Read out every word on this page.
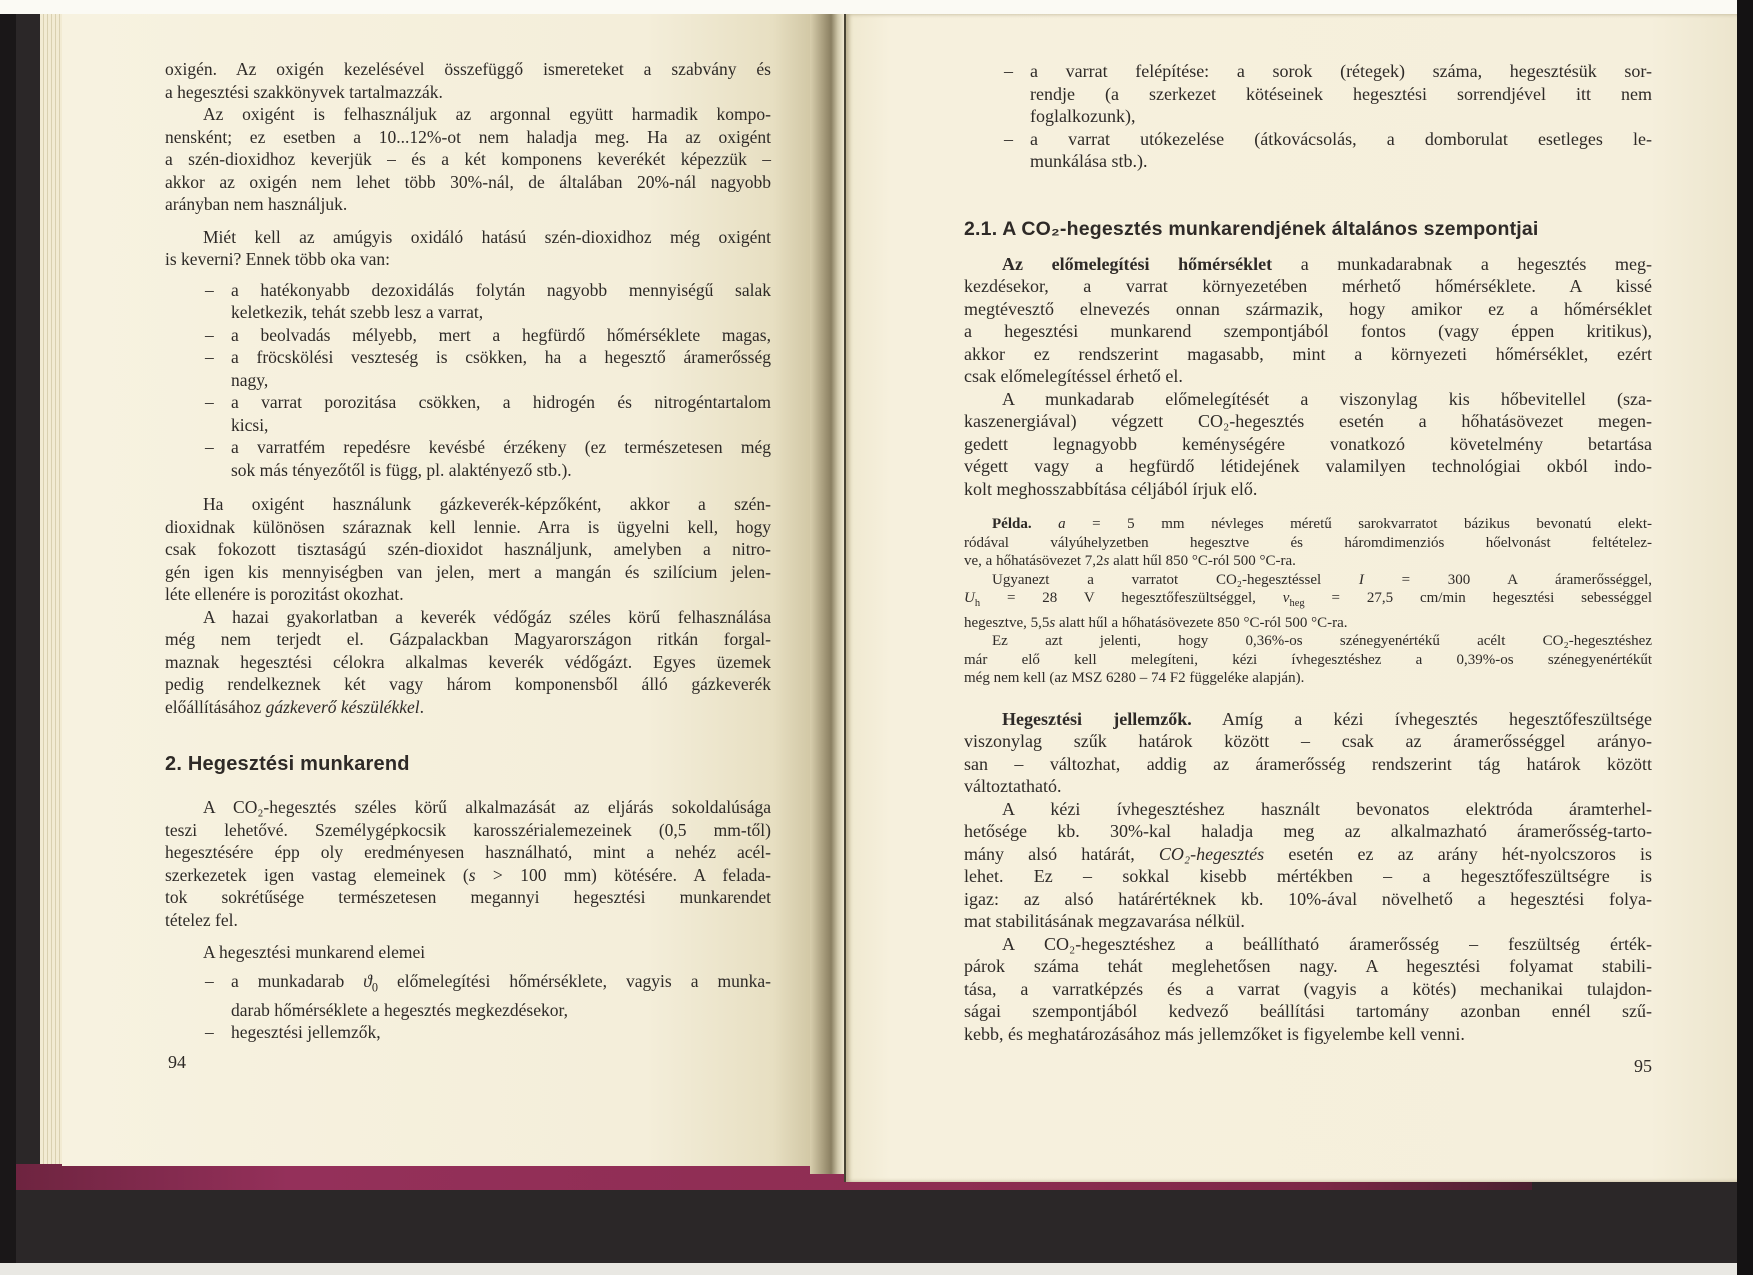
oxigén. Az oxigén kezelésével összefüggő ismereteket a szabvány és
a hegesztési szakkönyvek tartalmazzák.
Az oxigént is felhasználjuk az argonnal együtt harmadik kompo-
nensként; ez esetben a 10...12%-ot nem haladja meg. Ha az oxigént
a szén-dioxidhoz keverjük – és a két komponens keverékét képezzük –
akkor az oxigén nem lehet több 30%-nál, de általában 20%-nál nagyobb
arányban nem használjuk.
Miét kell az amúgyis oxidáló hatású szén-dioxidhoz még oxigént
is keverni? Ennek több oka van:
– a hatékonyabb dezoxidálás folytán nagyobb mennyiségű salak
keletkezik, tehát szebb lesz a varrat,
– a beolvadás mélyebb, mert a hegfürdő hőmérséklete magas,
– a fröcskölési veszteség is csökken, ha a hegesztő áramerősség
nagy,
– a varrat porozitása csökken, a hidrogén és nitrogéntartalom
kicsi,
– a varratfém repedésre kevésbé érzékeny (ez természetesen még
sok más tényezőtől is függ, pl. alaktényező stb.).
Ha oxigént használunk gázkeverék-képzőként, akkor a szén-
dioxidnak különösen száraznak kell lennie. Arra is ügyelni kell, hogy
csak fokozott tisztaságú szén-dioxidot használjunk, amelyben a nitro-
gén igen kis mennyiségben van jelen, mert a mangán és szilícium jelen-
léte ellenére is porozitást okozhat.
A hazai gyakorlatban a keverék védőgáz széles körű felhasználása
még nem terjedt el. Gázpalackban Magyarországon ritkán forgal-
maznak hegesztési célokra alkalmas keverék védőgázt. Egyes üzemek
pedig rendelkeznek két vagy három komponensből álló gázkeverék
előállításához gázkeverő készülékkel.
2. Hegesztési munkarend
A CO₂-hegesztés széles körű alkalmazását az eljárás sokoldalúsága
teszi lehetővé. Személygépkocsik karosszérialemezeinek (0,5 mm-től)
hegesztésére épp oly eredményesen használható, mint a nehéz acél-
szerkezetek igen vastag elemeinek (s > 100 mm) kötésére. A felada-
tok sokrétűsége természetesen megannyi hegesztési munkarendet
tételez fel.
A hegesztési munkarend elemei
– a munkadarab $ϑ_0$ előmelegítési hőmérséklete, vagyis a munka-
darab hőmérséklete a hegesztés megkezdésekor,
– hegesztési jellemzők,
94
– a varrat felépítése: a sorok (rétegek) száma, hegesztésük sor-
rendje (a szerkezet kötéseinek hegesztési sorrendjével itt nem
foglalkozunk),
– a varrat utókezelése (átkovácsolás, a domborulat esetleges le-
munkálása stb.).
2.1. A CO₂-hegesztés munkarendjének általános szempontjai
Az előmelegítési hőmérséklet a munkadarabnak a hegesztés meg-
kezdésekor, a varrat környezetében mérhető hőmérséklete. A kissé
megtévesztő elnevezés onnan származik, hogy amikor ez a hőmérséklet
a hegesztési munkarend szempontjából fontos (vagy éppen kritikus),
akkor ez rendszerint magasabb, mint a környezeti hőmérséklet, ezért
csak előmelegítéssel érhető el.
A munkadarab előmelegítését a viszonylag kis hőbevitellel (sza-
kaszenergiával) végzett CO₂-hegesztés esetén a hőhatásövezet megen-
gedett legnagyobb keménységére vonatkozó követelmény betartása
végett vagy a hegfürdő létidejének valamilyen technológiai okból indo-
kolt meghosszabbítása céljából írjuk elő.
Példa. a = 5 mm névleges méretű sarokvarratot bázikus bevonatú elekt-
ródával vályúhelyzetben hegesztve és háromdimenziós hőelvonást feltételez-
ve, a hőhatásövezet 7,2s alatt hűl 850 °C-ról 500 °C-ra.
Ugyanezt a varratot CO₂-hegesztéssel I = 300 A áramerősséggel,
$U_h = 28$ V hegesztőfeszültséggel, $v_{heg} = 27,5$ cm/min hegesztési sebességgel
hegesztve, 5,5s alatt hűl a hőhatásövezete 850 °C-ról 500 °C-ra.
Ez azt jelenti, hogy 0,36%-os szénegyenértékű acélt CO₂-hegesztéshez
már elő kell melegíteni, kézi ívhegesztéshez a 0,39%-os szénegyenértékűt
még nem kell (az MSZ 6280 – 74 F2 függeléke alapján).
Hegesztési jellemzők. Amíg a kézi ívhegesztés hegesztőfeszültsége
viszonylag szűk határok között – csak az áramerősséggel arányo-
san – változhat, addig az áramerősség rendszerint tág határok között
változtatható.
A kézi ívhegesztéshez használt bevonatos elektróda áramterhel-
hetősége kb. 30%-kal haladja meg az alkalmazható áramerősség-tarto-
mány alsó határát, CO₂-hegesztés esetén ez az arány hét-nyolcszoros is
lehet. Ez – sokkal kisebb mértékben – a hegesztőfeszültségre is
igaz: az alsó határértéknek kb. 10%-ával növelhető a hegesztési folya-
mat stabilitásának megzavarása nélkül.
A CO₂-hegesztéshez a beállítható áramerősség – feszültség érték-
párok száma tehát meglehetősen nagy. A hegesztési folyamat stabili-
tása, a varratképzés és a varrat (vagyis a kötés) mechanikai tulajdon-
ságai szempontjából kedvező beállítási tartomány azonban ennél szű-
kebb, és meghatározásához más jellemzőket is figyelembe kell venni.
95
